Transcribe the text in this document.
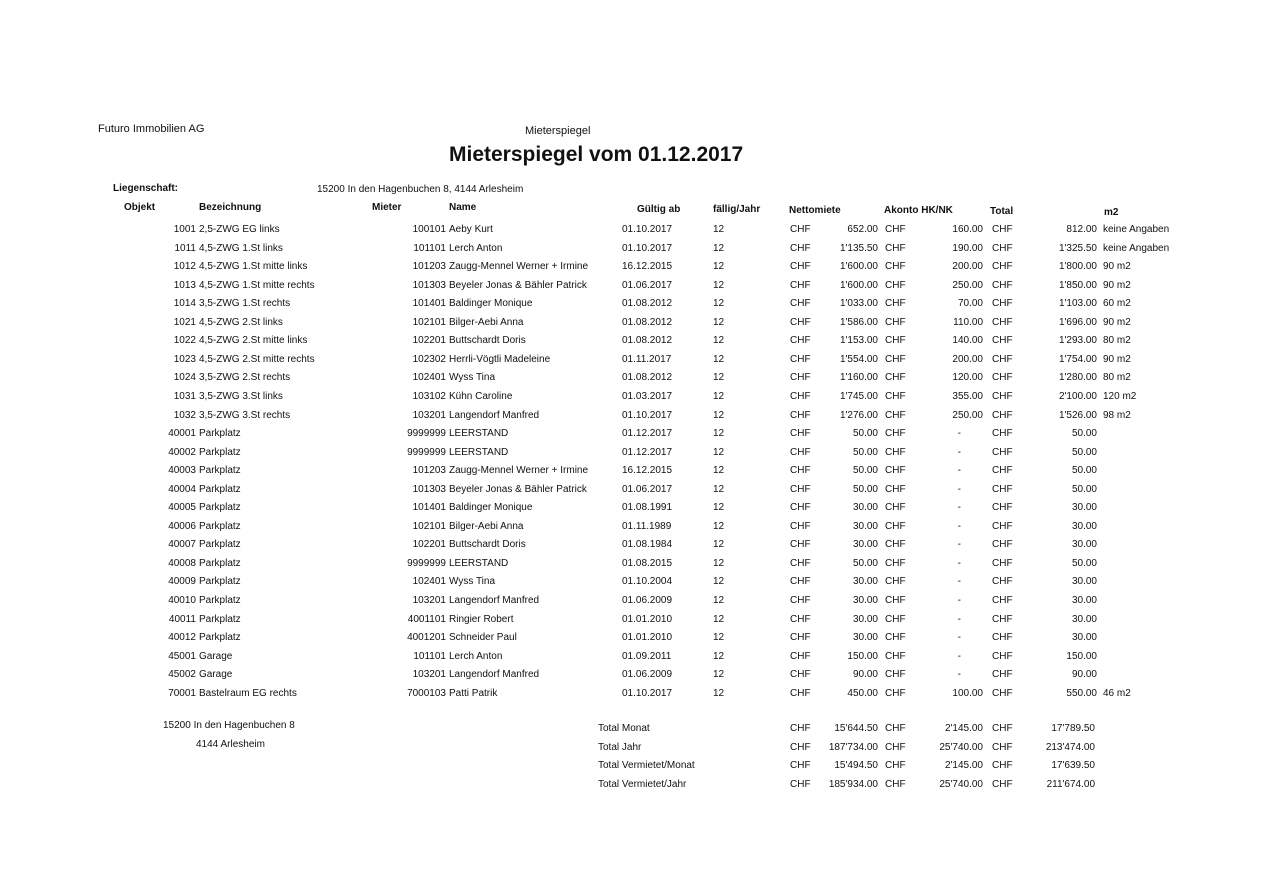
Futuro Immobilien AG	Mieterspiegel
Mieterspiegel vom 01.12.2017
Liegenschaft:	15200 In den Hagenbuchen 8, 4144 Arlesheim
Objekt	Bezeichnung	Mieter	Name	Gültig ab	fällig/Jahr	Nettomiete	Akonto HK/NK	Total	m2
1001 2,5-ZWG EG links	100101 Aeby Kurt	01.10.2017	12	CHF	652.00 CHF	160.00 CHF	812.00 keine Angaben
1011 4,5-ZWG 1.St links	101101 Lerch Anton	01.10.2017	12	CHF	1'135.50 CHF	190.00 CHF	1'325.50 keine Angaben
1012 4,5-ZWG 1.St mitte links	101203 Zaugg-Mennel Werner + Irmine	16.12.2015	12	CHF	1'600.00 CHF	200.00 CHF	1'800.00 90 m2
1013 4,5-ZWG 1.St mitte rechts	101303 Beyeler Jonas & Bähler Patrick	01.06.2017	12	CHF	1'600.00 CHF	250.00 CHF	1'850.00 90 m2
1014 3,5-ZWG 1.St rechts	101401 Baldinger Monique	01.08.2012	12	CHF	1'033.00 CHF	70.00 CHF	1'103.00 60 m2
1021 4,5-ZWG 2.St links	102101 Bilger-Aebi Anna	01.08.2012	12	CHF	1'586.00 CHF	110.00 CHF	1'696.00 90 m2
1022 4,5-ZWG 2.St mitte links	102201 Buttschardt Doris	01.08.2012	12	CHF	1'153.00 CHF	140.00 CHF	1'293.00 80 m2
1023 4,5-ZWG 2.St mitte rechts	102302 Herrli-Vögtli Madeleine	01.11.2017	12	CHF	1'554.00 CHF	200.00 CHF	1'754.00 90 m2
1024 3,5-ZWG 2.St rechts	102401 Wyss Tina	01.08.2012	12	CHF	1'160.00 CHF	120.00 CHF	1'280.00 80 m2
1031 3,5-ZWG 3.St links	103102 Kühn Caroline	01.03.2017	12	CHF	1'745.00 CHF	355.00 CHF	2'100.00 120 m2
1032 3,5-ZWG 3.St rechts	103201 Langendorf Manfred	01.10.2017	12	CHF	1'276.00 CHF	250.00 CHF	1'526.00 98 m2
40001 Parkplatz	9999999 LEERSTAND	01.12.2017	12	CHF	50.00 CHF	-	CHF	50.00
40002 Parkplatz	9999999 LEERSTAND	01.12.2017	12	CHF	50.00 CHF	-	CHF	50.00
40003 Parkplatz	101203 Zaugg-Mennel Werner + Irmine	16.12.2015	12	CHF	50.00 CHF	-	CHF	50.00
40004 Parkplatz	101303 Beyeler Jonas & Bähler Patrick	01.06.2017	12	CHF	50.00 CHF	-	CHF	50.00
40005 Parkplatz	101401 Baldinger Monique	01.08.1991	12	CHF	30.00 CHF	-	CHF	30.00
40006 Parkplatz	102101 Bilger-Aebi Anna	01.11.1989	12	CHF	30.00 CHF	-	CHF	30.00
40007 Parkplatz	102201 Buttschardt Doris	01.08.1984	12	CHF	30.00 CHF	-	CHF	30.00
40008 Parkplatz	9999999 LEERSTAND	01.08.2015	12	CHF	50.00 CHF	-	CHF	50.00
40009 Parkplatz	102401 Wyss Tina	01.10.2004	12	CHF	30.00 CHF	-	CHF	30.00
40010 Parkplatz	103201 Langendorf Manfred	01.06.2009	12	CHF	30.00 CHF	-	CHF	30.00
40011 Parkplatz	4001101 Ringier Robert	01.01.2010	12	CHF	30.00 CHF	-	CHF	30.00
40012 Parkplatz	4001201 Schneider Paul	01.01.2010	12	CHF	30.00 CHF	-	CHF	30.00
45001 Garage	101101 Lerch Anton	01.09.2011	12	CHF	150.00 CHF	-	CHF	150.00
45002 Garage	103201 Langendorf Manfred	01.06.2009	12	CHF	90.00 CHF	-	CHF	90.00
70001 Bastelraum EG rechts	7000103 Patti Patrik	01.10.2017	12	CHF	450.00 CHF	100.00 CHF	550.00 46 m2
15200 In den Hagenbuchen 8
4144 Arlesheim
Total Monat	CHF 15'644.50 CHF	2'145.00 CHF	17'789.50
Total Jahr	CHF 187'734.00 CHF	25'740.00 CHF	213'474.00
Total Vermietet/Monat	CHF 15'494.50 CHF	2'145.00 CHF	17'639.50
Total Vermietet/Jahr	CHF 185'934.00 CHF	25'740.00 CHF	211'674.00
